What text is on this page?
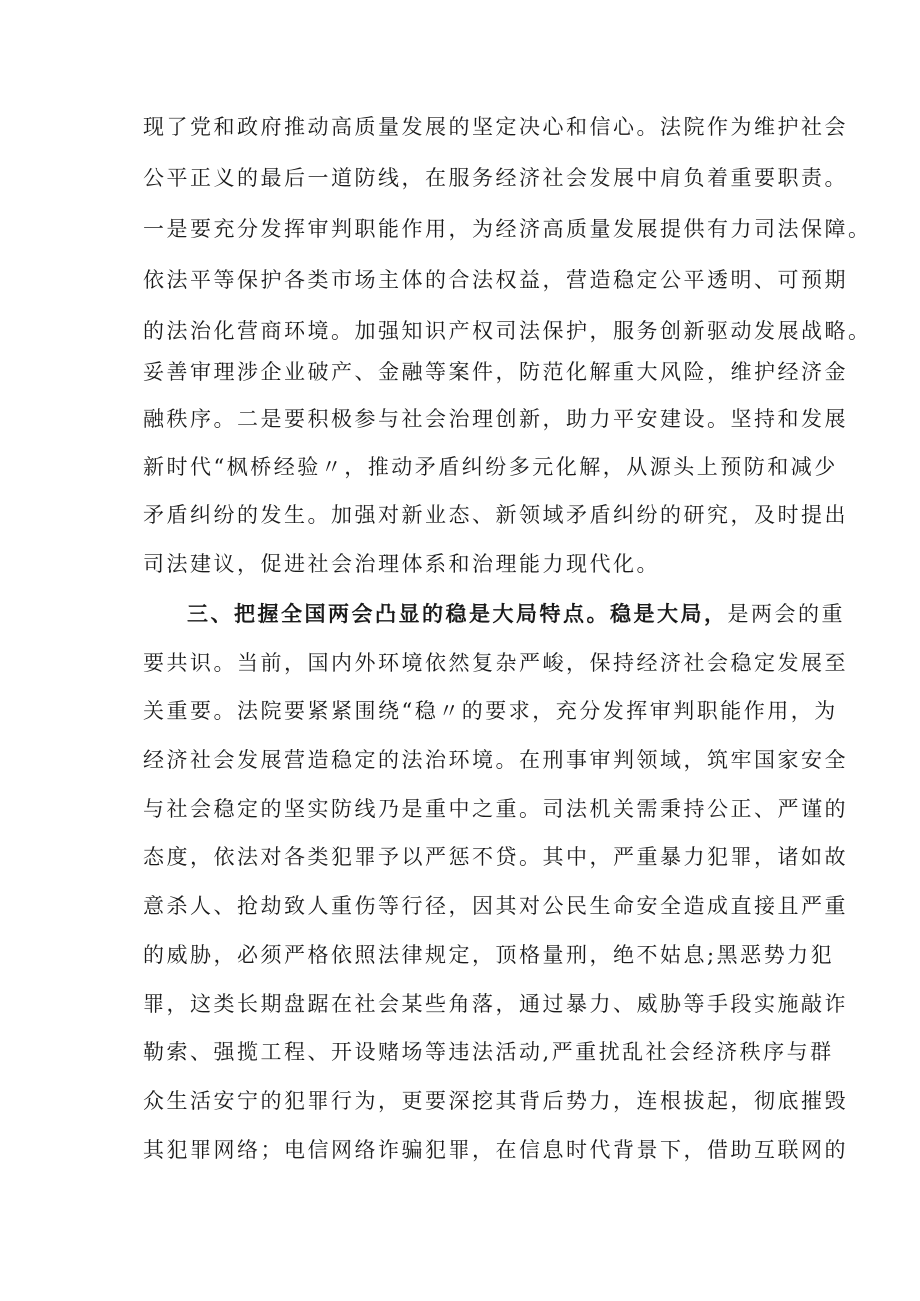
现了党和政府推动高质量发展的坚定决心和信心。法院作为维护社会
公平正义的最后一道防线，在服务经济社会发展中肩负着重要职责。
一是要充分发挥审判职能作用，为经济高质量发展提供有力司法保障。
依法平等保护各类市场主体的合法权益，营造稳定公平透明、可预期
的法治化营商环境。加强知识产权司法保护，服务创新驱动发展战略。
妥善审理涉企业破产、金融等案件，防范化解重大风险，维护经济金
融秩序。二是要积极参与社会治理创新，助力平安建设。坚持和发展
新时代“枫桥经验〃，推动矛盾纠纷多元化解，从源头上预防和减少
矛盾纠纷的发生。加强对新业态、新领域矛盾纠纷的研究，及时提出
司法建议，促进社会治理体系和治理能力现代化。
三、把握全国两会凸显的稳是大局特点。稳是大局，是两会的重
要共识。当前，国内外环境依然复杂严峻，保持经济社会稳定发展至
关重要。法院要紧紧围绕“稳〃的要求，充分发挥审判职能作用，为
经济社会发展营造稳定的法治环境。在刑事审判领域，筑牢国家安全
与社会稳定的坚实防线乃是重中之重。司法机关需秉持公正、严谨的
态度，依法对各类犯罪予以严惩不贷。其中，严重暴力犯罪，诸如故
意杀人、抢劫致人重伤等行径，因其对公民生命安全造成直接且严重
的威胁，必须严格依照法律规定，顶格量刑，绝不姑息;黑恶势力犯
罪，这类长期盘踞在社会某些角落，通过暴力、威胁等手段实施敲诈
勒索、强揽工程、开设赌场等违法活动,严重扰乱社会经济秩序与群
众生活安宁的犯罪行为，更要深挖其背后势力，连根拔起，彻底摧毁
其犯罪网络；电信网络诈骗犯罪，在信息时代背景下，借助互联网的
